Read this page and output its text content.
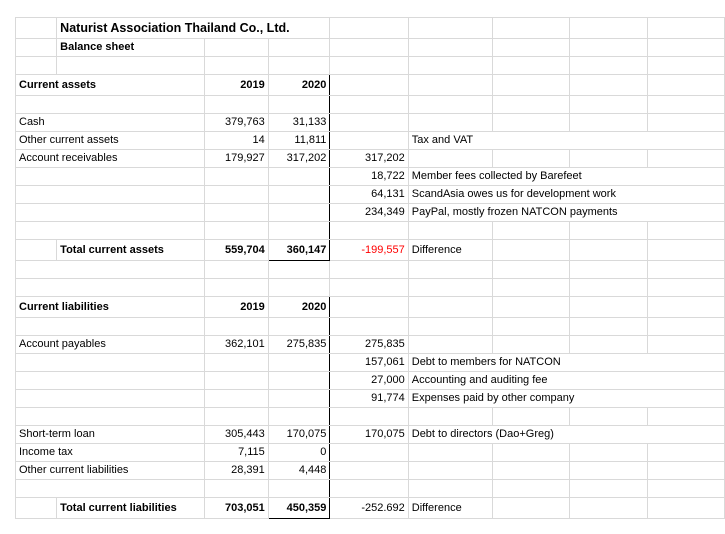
	Naturist Association Thailand Co., Ltd.							
	Balance sheet							

Current assets		2019	2020					

Cash		379,763	31,133					
Other current assets		14	11,811		Tax and VAT			
Account receivables		179,927	317,202	317,202				
				18,722	Member fees collected by Barefeet			
				64,131	ScandAsia owes us for development work			
				234,349	PayPal, mostly frozen NATCON payments			

	Total current assets	559,704	360,147	-199,557	Difference			

Current liabilities		2019	2020					

Account payables		362,101	275,835	275,835				
				157,061	Debt to members for NATCON			
				27,000	Accounting and auditing fee			
				91,774	Expenses paid by other company			

Short-term loan		305,443	170,075	170,075	Debt to directors (Dao+Greg)			
Income tax		7,115	0					
Other current liabilities		28,391	4,448					

	Total current liabilities	703,051	450,359	-252.692	Difference			
